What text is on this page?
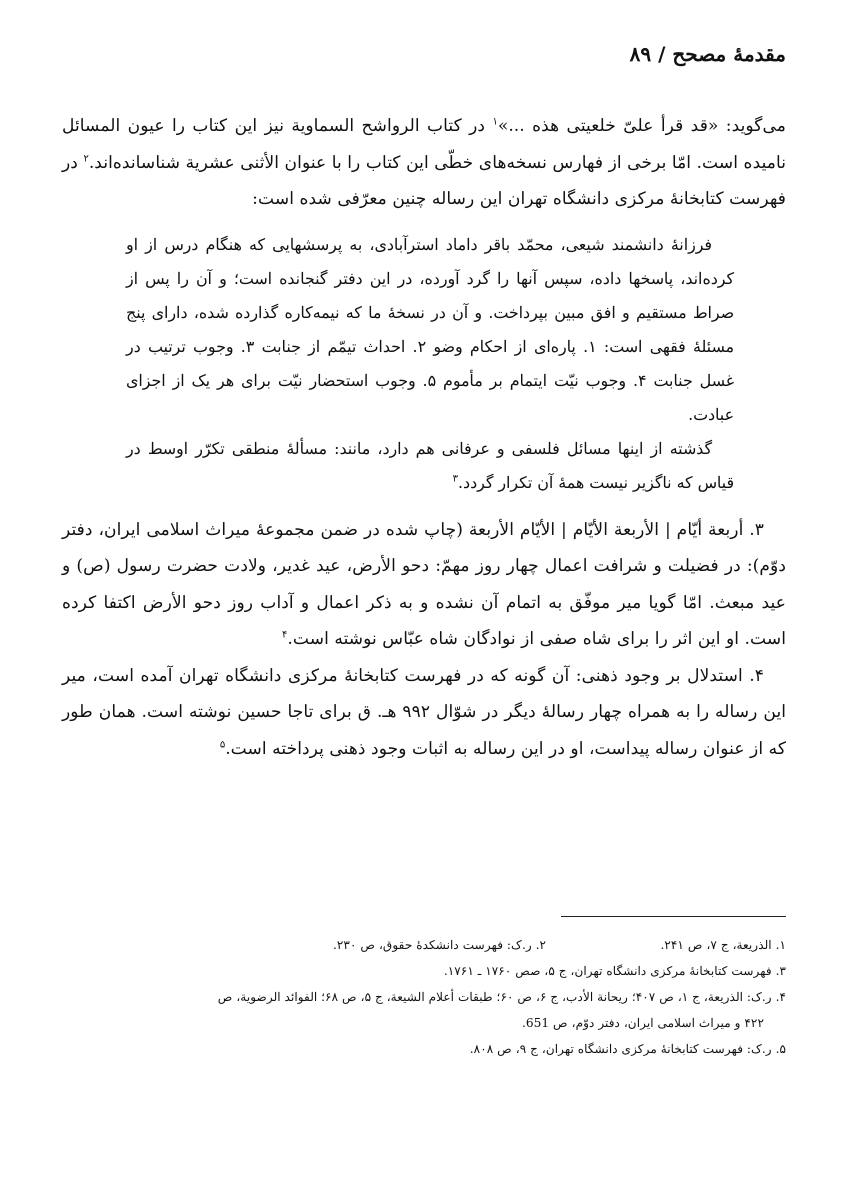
مقدمهٔ مصحح / ۸۹

می‌گوید: «قد قرأ علیّ خلعیتی هذه ...»$^۱$ در کتاب الرواشح السماویة نیز این کتاب را عیون المسائل نامیده است. امّا برخی از فهارس نسخه‌های خطّی این کتاب را با عنوان الأثنی عشریة شناسانده‌اند.$^۲$ در فهرست کتابخانهٔ مرکزی دانشگاه تهران این رساله چنین معرّفی شده است:

فرزانهٔ دانشمند شیعی، محمّد باقر داماد استرآبادی، به پرسشهایی که هنگام درس از او کرده‌اند، پاسخها داده، سپس آنها را گرد آورده، در این دفتر گنجانده است؛ و آن را پس از صراط مستقیم و افق مبین بپرداخت. و آن در نسخهٔ ما که نیمه‌کاره گذارده شده، دارای پنج مسئلهٔ فقهی است: ۱. پاره‌ای از احکام وضو ۲. احداث تیمّم از جنابت ۳. وجوب ترتیب در غسل جنابت ۴. وجوب نیّت ایتمام بر مأموم ۵. وجوب استحضار نیّت برای هر یک از اجزای عبادت.

گذشته از اینها مسائل فلسفی و عرفانی هم دارد، مانند: مسألهٔ منطقی تکرّر اوسط در قیاس که ناگزیر نیست همهٔ آن تکرار گردد.$^۳$

۳. أربعة أیّام | الأربعة الأیّام | الأیّام الأربعة (چاپ شده در ضمن مجموعهٔ میراث اسلامی ایران، دفتر دوّم): در فضیلت و شرافت اعمال چهار روز مهمّ: دحو الأرض، عید غدیر، ولادت حضرت رسول (ص) و عید مبعث. امّا گویا میر موفّق به اتمام آن نشده و به ذکر اعمال و آداب روز دحو الأرض اکتفا کرده است. او این اثر را برای شاه صفی از نوادگان شاه عبّاس نوشته است.$^۴$

۴. استدلال بر وجود ذهنی: آن گونه که در فهرست کتابخانهٔ مرکزی دانشگاه تهران آمده است، میر این رساله را به همراه چهار رسالهٔ دیگر در شوّال ۹۹۲ هـ. ق برای تاجا حسین نوشته است. همان طور که از عنوان رساله پیداست، او در این رساله به اثبات وجود ذهنی پرداخته است.$^۵$

۱. الذریعة، ج ۷، ص ۲۴۱.
۲. ر.ک: فهرست دانشکدهٔ حقوق، ص ۲۳۰.
۳. فهرست کتابخانهٔ مرکزی دانشگاه تهران، ج ۵، صص ۱۷۶۰ ـ ۱۷۶۱.
۴. ر.ک: الذریعة، ج ۱، ص ۴۰۷؛ ریحانة الأدب، ج ۶، ص ۶۰؛ طبقات أعلام الشیعة، ج ۵، ص ۶۸؛ الفوائد الرضویة، ص
۴۲۲ و میراث اسلامی ایران، دفتر دوّم، ص 651.
۵. ر.ک: فهرست کتابخانهٔ مرکزی دانشگاه تهران، ج ۹، ص ۸۰۸.
